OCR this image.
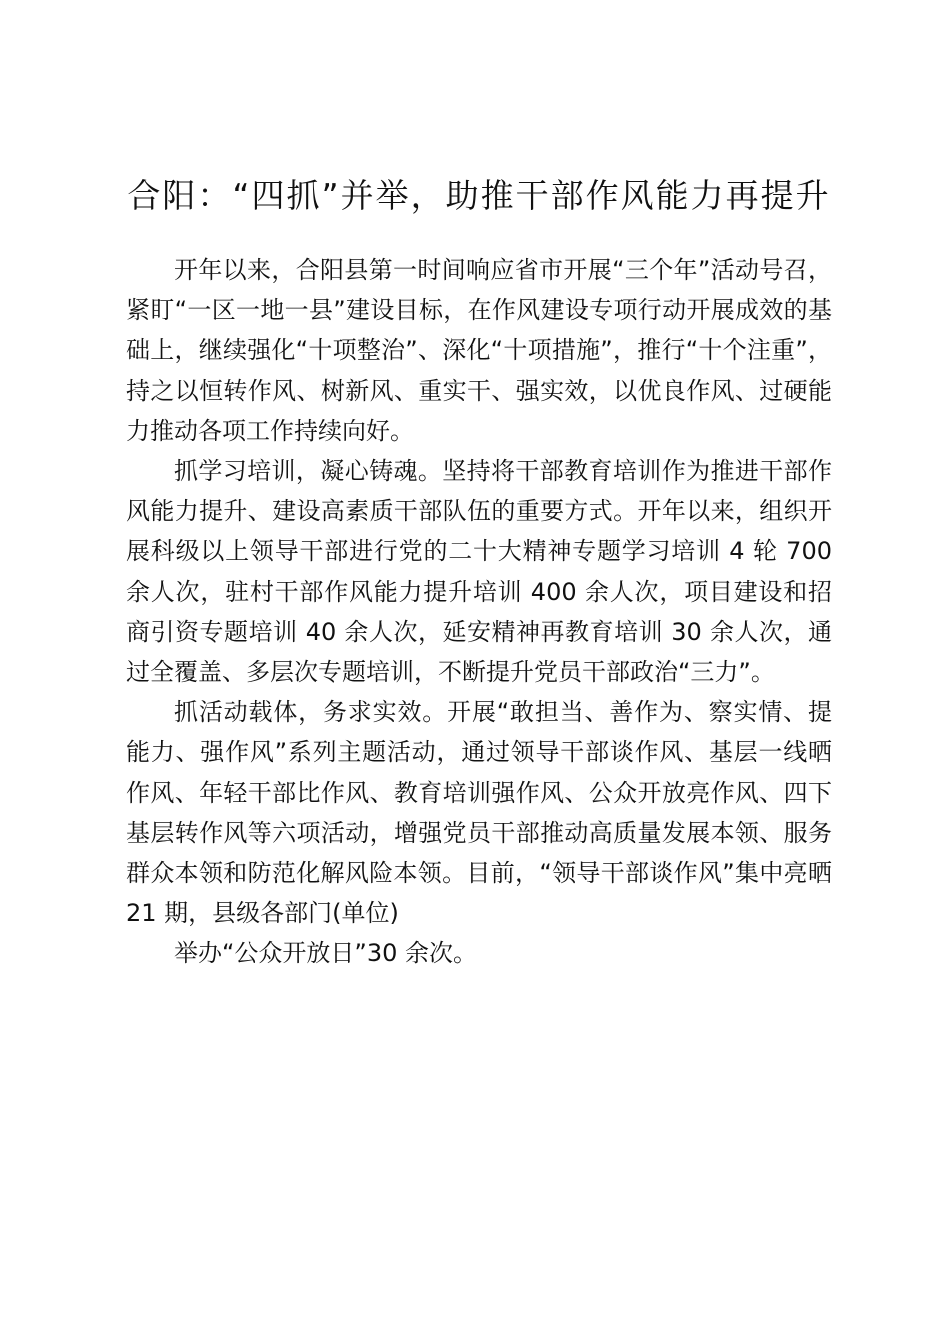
合阳：“四抓”并举，助推干部作风能力再提升

开年以来，合阳县第一时间响应省市开展“三个年”活动号召，紧盯“一区一地一县”建设目标，在作风建设专项行动开展成效的基础上，继续强化“十项整治”、深化“十项措施”，推行“十个注重”，持之以恒转作风、树新风、重实干、强实效，以优良作风、过硬能力推动各项工作持续向好。

抓学习培训，凝心铸魂。坚持将干部教育培训作为推进干部作风能力提升、建设高素质干部队伍的重要方式。开年以来，组织开展科级以上领导干部进行党的二十大精神专题学习培训 4 轮 700 余人次，驻村干部作风能力提升培训 400 余人次，项目建设和招商引资专题培训 40 余人次，延安精神再教育培训 30 余人次，通过全覆盖、多层次专题培训，不断提升党员干部政治“三力”。

抓活动载体，务求实效。开展“敢担当、善作为、察实情、提能力、强作风”系列主题活动，通过领导干部谈作风、基层一线晒作风、年轻干部比作风、教育培训强作风、公众开放亮作风、四下基层转作风等六项活动，增强党员干部推动高质量发展本领、服务群众本领和防范化解风险本领。目前，“领导干部谈作风”集中亮晒 21 期，县级各部门(单位)

举办“公众开放日”30 余次。
